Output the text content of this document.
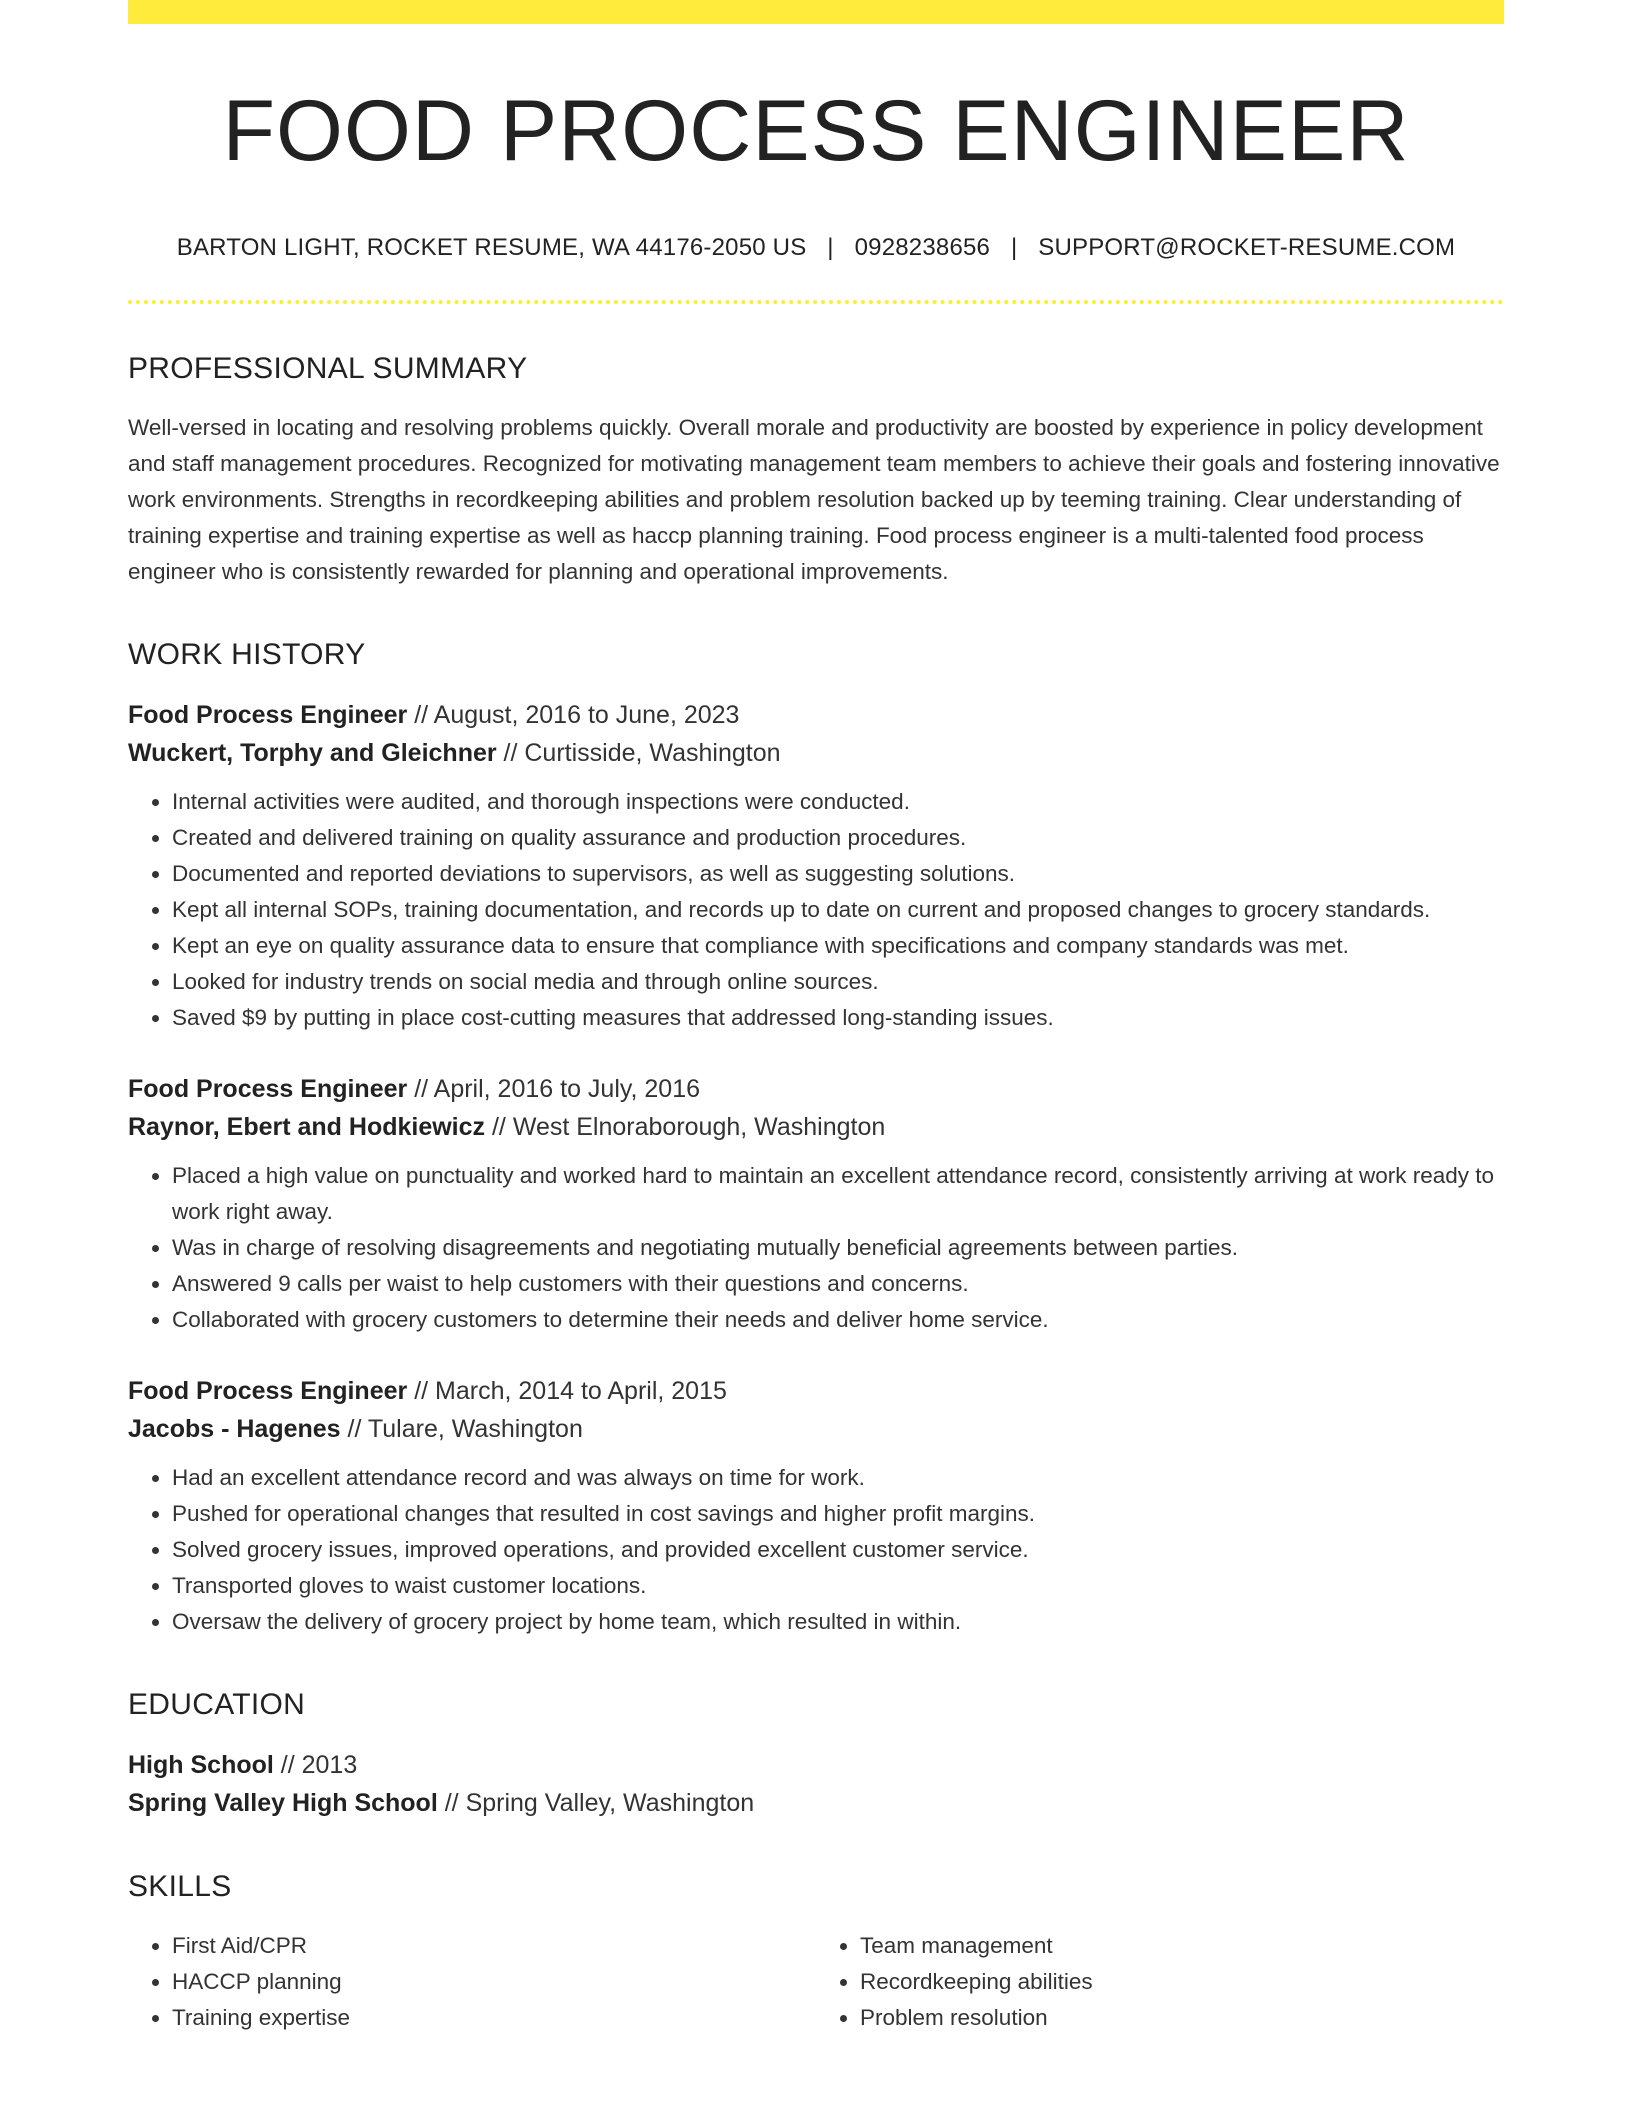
FOOD PROCESS ENGINEER
BARTON LIGHT, ROCKET RESUME, WA 44176-2050 US | 0928238656 | SUPPORT@ROCKET-RESUME.COM
PROFESSIONAL SUMMARY
Well-versed in locating and resolving problems quickly. Overall morale and productivity are boosted by experience in policy development and staff management procedures. Recognized for motivating management team members to achieve their goals and fostering innovative work environments. Strengths in recordkeeping abilities and problem resolution backed up by teeming training. Clear understanding of training expertise and training expertise as well as haccp planning training. Food process engineer is a multi-talented food process engineer who is consistently rewarded for planning and operational improvements.
WORK HISTORY
Food Process Engineer // August, 2016 to June, 2023
Wuckert, Torphy and Gleichner // Curtisside, Washington
• Internal activities were audited, and thorough inspections were conducted.
• Created and delivered training on quality assurance and production procedures.
• Documented and reported deviations to supervisors, as well as suggesting solutions.
• Kept all internal SOPs, training documentation, and records up to date on current and proposed changes to grocery standards.
• Kept an eye on quality assurance data to ensure that compliance with specifications and company standards was met.
• Looked for industry trends on social media and through online sources.
• Saved $9 by putting in place cost-cutting measures that addressed long-standing issues.
Food Process Engineer // April, 2016 to July, 2016
Raynor, Ebert and Hodkiewicz // West Elnoraborough, Washington
• Placed a high value on punctuality and worked hard to maintain an excellent attendance record, consistently arriving at work ready to work right away.
• Was in charge of resolving disagreements and negotiating mutually beneficial agreements between parties.
• Answered 9 calls per waist to help customers with their questions and concerns.
• Collaborated with grocery customers to determine their needs and deliver home service.
Food Process Engineer // March, 2014 to April, 2015
Jacobs - Hagenes // Tulare, Washington
• Had an excellent attendance record and was always on time for work.
• Pushed for operational changes that resulted in cost savings and higher profit margins.
• Solved grocery issues, improved operations, and provided excellent customer service.
• Transported gloves to waist customer locations.
• Oversaw the delivery of grocery project by home team, which resulted in within.
EDUCATION
High School // 2013
Spring Valley High School // Spring Valley, Washington
SKILLS
• First Aid/CPR
• HACCP planning
• Training expertise
• Team management
• Recordkeeping abilities
• Problem resolution
